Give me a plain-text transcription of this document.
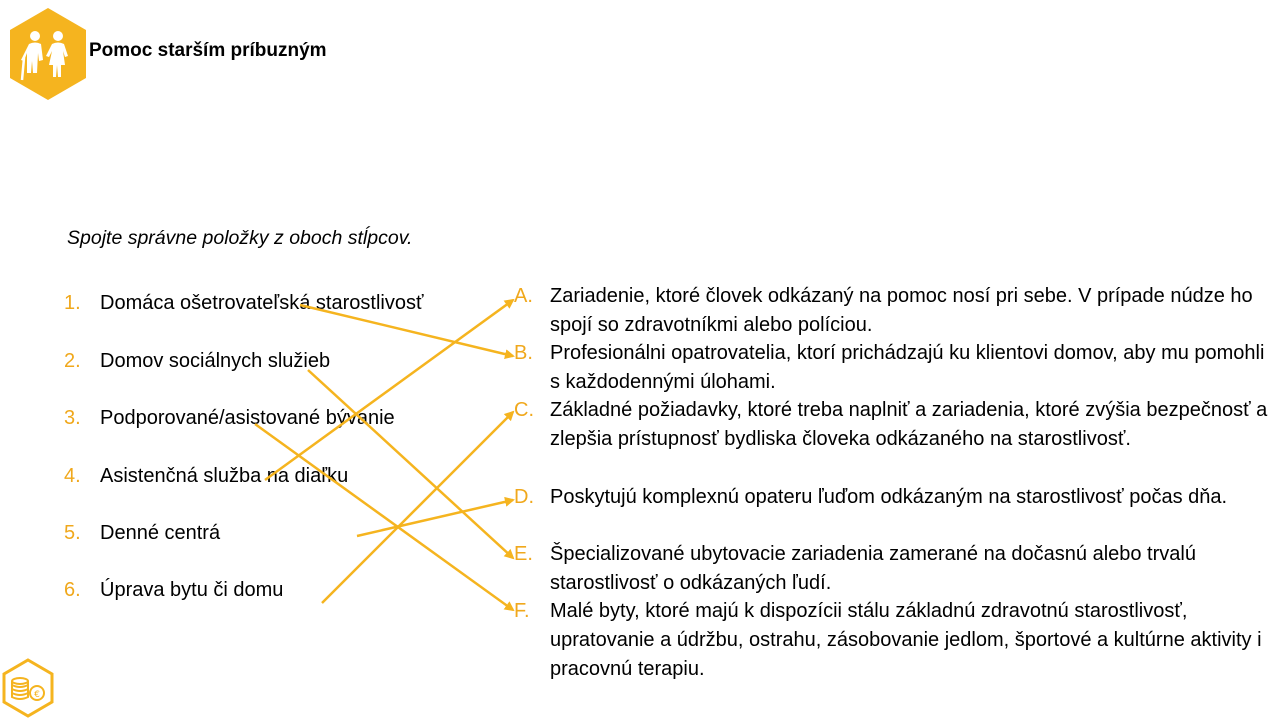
Pomoc starším príbuzným
Spojte správne položky z oboch stĺpcov.
1. Domáca ošetrovateľská starostlivosť
2. Domov sociálnych služieb
3. Podporované/asistované bývanie
4. Asistenčná služba na diaľku
5. Denné centrá
6. Úprava bytu či domu
A. Zariadenie, ktoré človek odkázaný na pomoc nosí pri sebe. V prípade núdze ho spojí so zdravotníkmi alebo políciou.
B. Profesionálni opatrovatelia, ktorí prichádzajú ku klientovi domov, aby mu pomohli s každodennými úlohami.
C. Základné požiadavky, ktoré treba naplniť a zariadenia, ktoré zvýšia bezpečnosť a zlepšia prístupnosť bydliska človeka odkázaného na starostlivosť.
D. Poskytujú komplexnú opateru ľuďom odkázaným na starostlivosť počas dňa.
E. Špecializované ubytovacie zariadenia zamerané na dočasnú alebo trvalú starostlivosť o odkázaných ľudí.
F. Malé byty, ktoré majú k dispozícii stálu základnú zdravotnú starostlivosť, upratovanie a údržbu, ostrahu, zásobovanie jedlom, športové a kultúrne aktivity i pracovnú terapiu.
€
